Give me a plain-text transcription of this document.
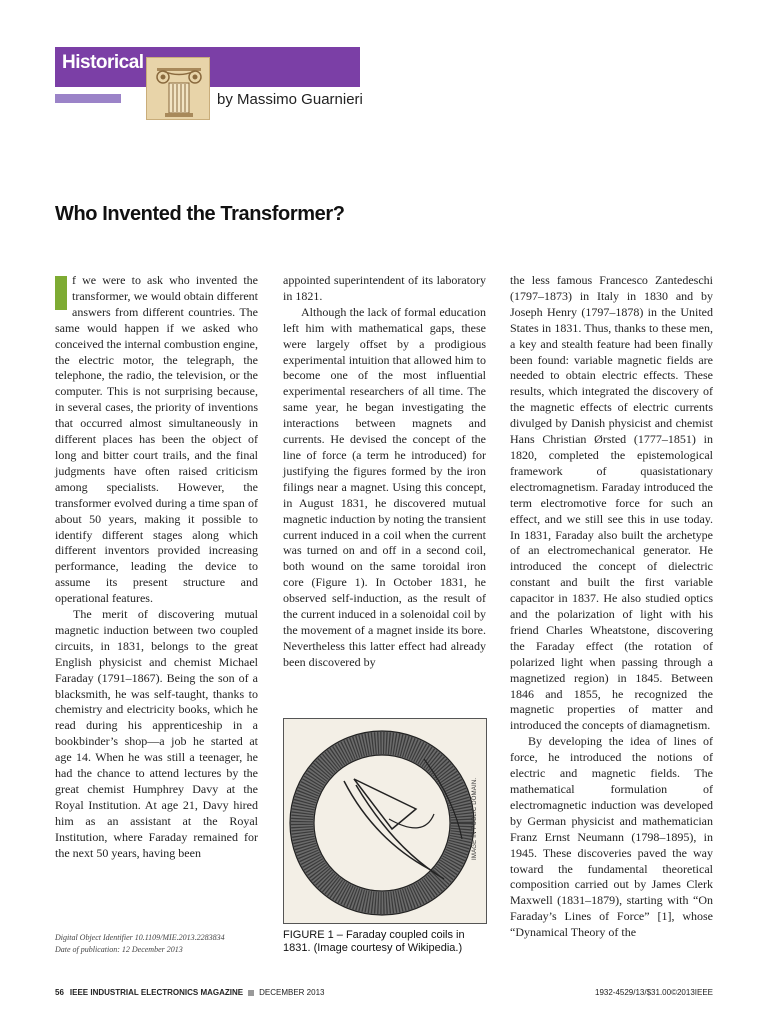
Historical
by Massimo Guarnieri
Who Invented the Transformer?

f we were to ask who invented the transformer, we would obtain different answers from different countries. The same would happen if we asked who conceived the internal combustion engine, the electric motor, the telegraph, the telephone, the radio, the television, or the computer. This is not surprising because, in several cases, the priority of inventions that occurred almost simultaneously in different places has been the object of long and bitter court trails, and the final judgments have often raised criticism among specialists. However, the transformer evolved during a time span of about 50 years, making it possible to identify different stages along which different inventors provided increasing performance, leading the device to assume its present structure and operational features.

The merit of discovering mutual magnetic induction between two coupled circuits, in 1831, belongs to the great English physicist and chemist Michael Faraday (1791–1867). Being the son of a blacksmith, he was self-taught, thanks to chemistry and electricity books, which he read during his apprenticeship in a bookbinder’s shop—a job he started at age 14. When he was still a teenager, he had the chance to attend lectures by the great chemist Humphrey Davy at the Royal Institution. At age 21, Davy hired him as an assistant at the Royal Institution, where Faraday remained for the next 50 years, having been

appointed superintendent of its laboratory in 1821.

Although the lack of formal education left him with mathematical gaps, these were largely offset by a prodigious experimental intuition that allowed him to become one of the most influential experimental researchers of all time. The same year, he began investigating the interactions between magnets and currents. He devised the concept of the line of force (a term he introduced) for justifying the figures formed by the iron filings near a magnet. Using this concept, in August 1831, he discovered mutual magnetic induction by noting the transient current induced in a coil when the current was turned on and off in a second coil, both wound on the same toroidal iron core (Figure 1). In October 1831, he observed self-induction, as the result of the current induced in a solenoidal coil by the movement of a magnet inside its bore. Nevertheless this latter effect had already been discovered by

the less famous Francesco Zantedeschi (1797–1873) in Italy in 1830 and by Joseph Henry (1797–1878) in the United States in 1831. Thus, thanks to these men, a key and stealth feature had been finally been found: variable magnetic fields are needed to obtain electric effects. These results, which integrated the discovery of the magnetic effects of electric currents divulged by Danish physicist and chemist Hans Christian Ørsted (1777–1851) in 1820, completed the epistemological framework of quasistationary electromagnetism. Faraday introduced the term electromotive force for such an effect, and we still see this in use today. In 1831, Faraday also built the archetype of an electromechanical generator. He introduced the concept of dielectric constant and built the first variable capacitor in 1837. He also studied optics and the polarization of light with his friend Charles Wheatstone, discovering the Faraday effect (the rotation of polarized light when passing through a magnetized region) in 1845. Between 1846 and 1855, he recognized the magnetic properties of matter and introduced the concepts of diamagnetism.

By developing the idea of lines of force, he introduced the notions of electric and magnetic fields. The mathematical formulation of electromagnetic induction was developed by German physicist and mathematician Franz Ernst Neumann (1798–1895), in 1945. These discoveries paved the way toward the fundamental theoretical composition carried out by James Clerk Maxwell (1831–1879), starting with “On Faraday’s Lines of Force” [1], whose “Dynamical Theory of the

IMAGE IN PUBLIC DOMAIN.
FIGURE 1 – Faraday coupled coils in 1831. (Image courtesy of Wikipedia.)
Digital Object Identifier 10.1109/MIE.2013.2283834
Date of publication: 12 December 2013
56 IEEE INDUSTRIAL ELECTRONICS MAGAZINE DECEMBER 2013	1932-4529/13/$31.00©2013IEEE
